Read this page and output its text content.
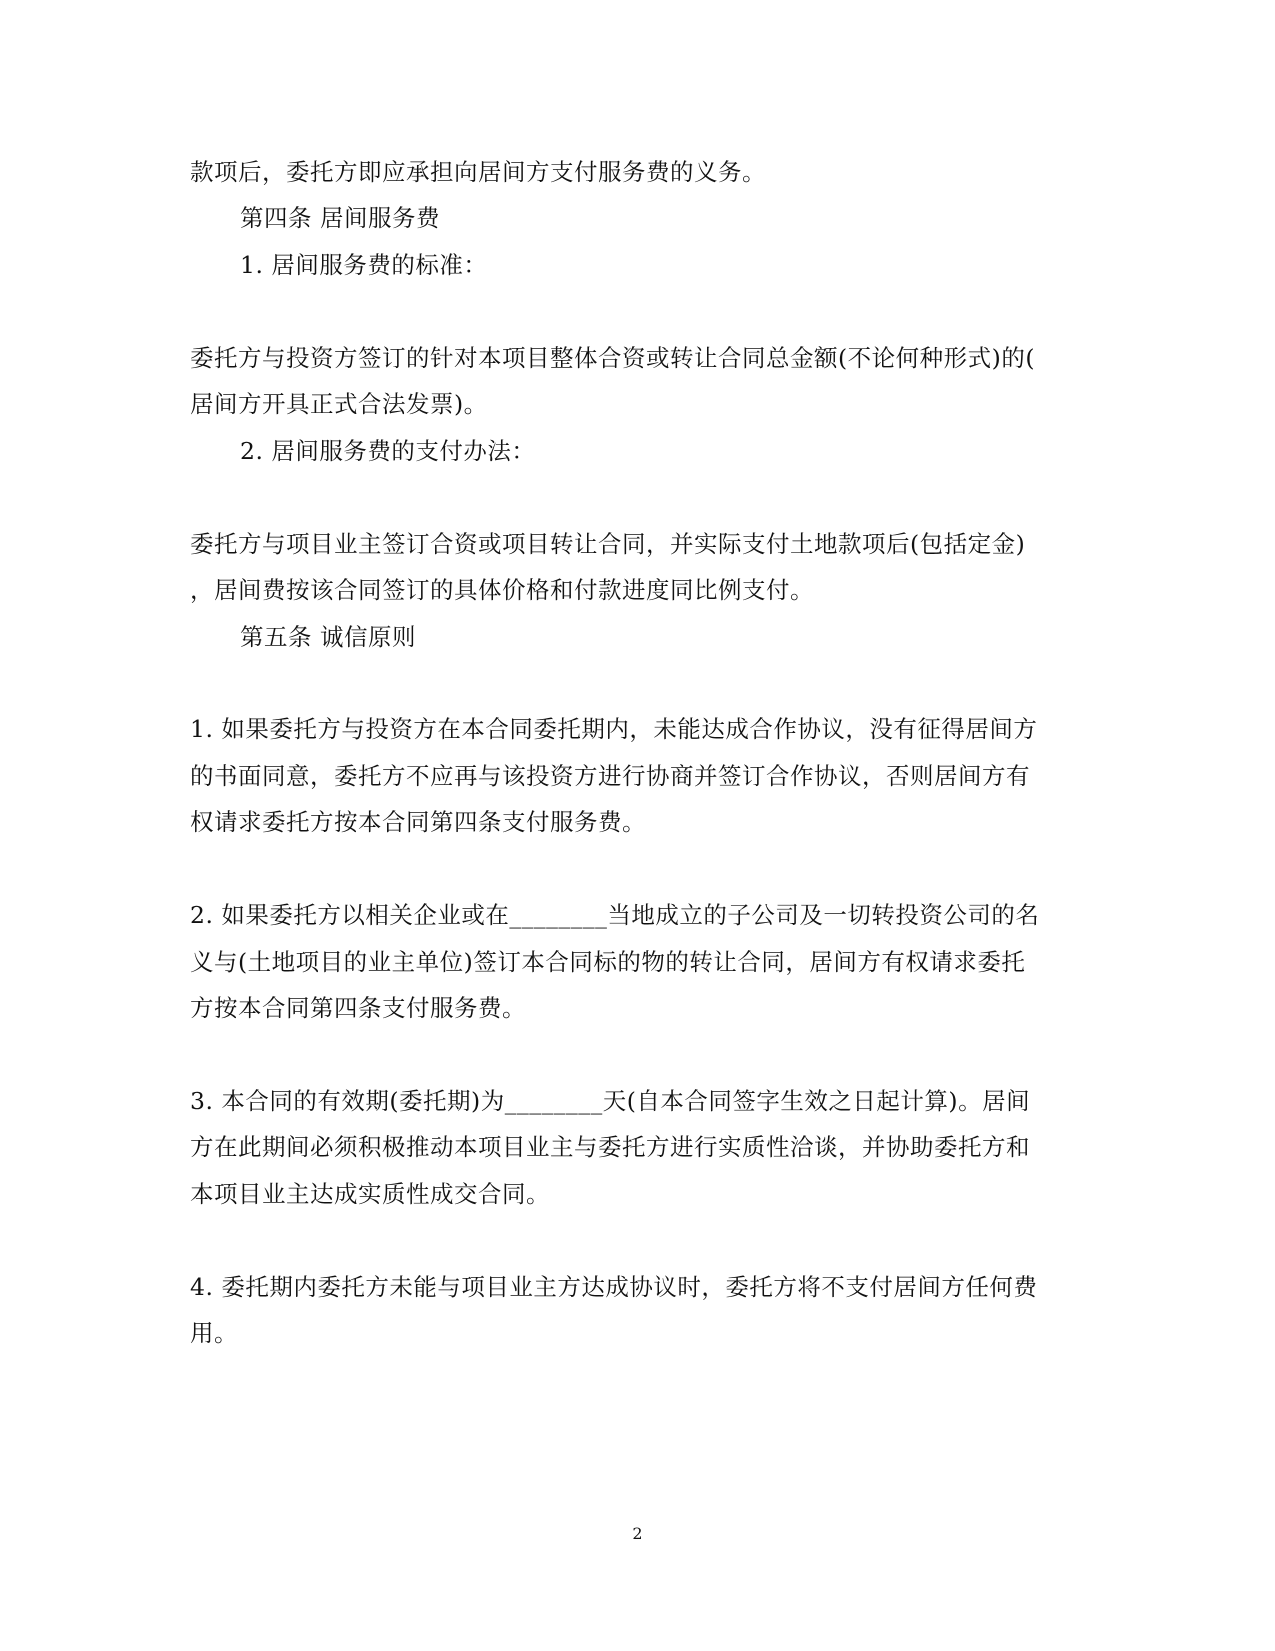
款项后，委托方即应承担向居间方支付服务费的义务。
第四条 居间服务费
1. 居间服务费的标准：
委托方与投资方签订的针对本项目整体合资或转让合同总金额(不论何种形式)的(
居间方开具正式合法发票)。
2. 居间服务费的支付办法：
委托方与项目业主签订合资或项目转让合同，并实际支付土地款项后(包括定金)
，居间费按该合同签订的具体价格和付款进度同比例支付。
第五条 诚信原则
1. 如果委托方与投资方在本合同委托期内，未能达成合作协议，没有征得居间方
的书面同意，委托方不应再与该投资方进行协商并签订合作协议，否则居间方有
权请求委托方按本合同第四条支付服务费。
2. 如果委托方以相关企业或在________当地成立的子公司及一切转投资公司的名
义与(土地项目的业主单位)签订本合同标的物的转让合同，居间方有权请求委托
方按本合同第四条支付服务费。
3. 本合同的有效期(委托期)为________天(自本合同签字生效之日起计算)。居间
方在此期间必须积极推动本项目业主与委托方进行实质性洽谈，并协助委托方和
本项目业主达成实质性成交合同。
4. 委托期内委托方未能与项目业主方达成协议时，委托方将不支付居间方任何费
用。
2
